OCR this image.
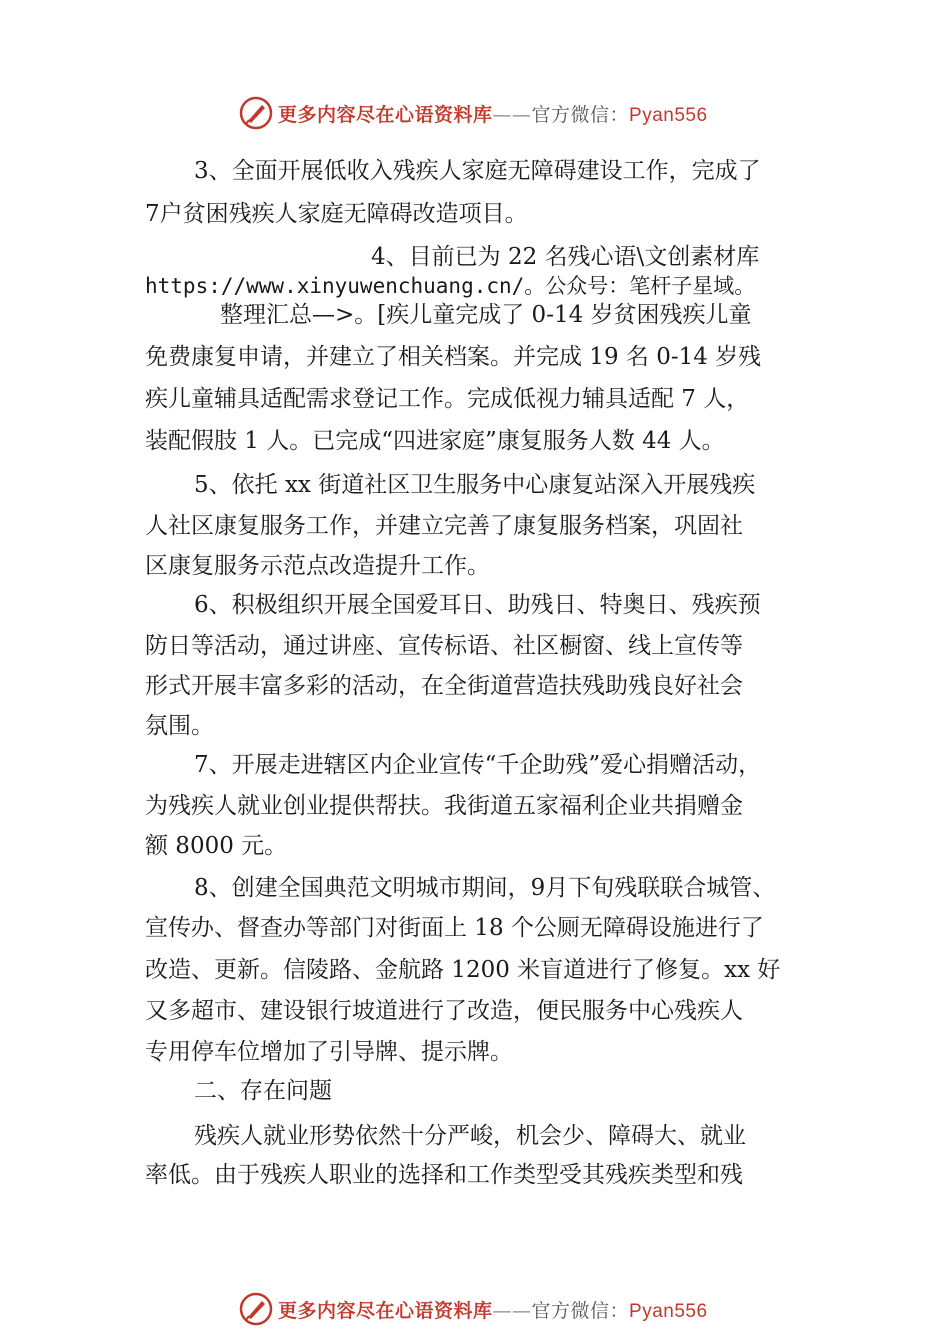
更多内容尽在心语资料库——官方微信：Pyan556
3、全面开展低收入残疾人家庭无障碍建设工作，完成了
7户贫困残疾人家庭无障碍改造项目。
4、目前已为 22 名残心语\文创素材库
https://www.xinyuwenchuang.cn/。公众号：笔杆子星域。
整理汇总—>。[疾儿童完成了 0-14 岁贫困残疾儿童
免费康复申请，并建立了相关档案。并完成 19 名 0-14 岁残
疾儿童辅具适配需求登记工作。完成低视力辅具适配 7 人，
装配假肢 1 人。已完成“四进家庭”康复服务人数 44 人。
5、依托 xx 街道社区卫生服务中心康复站深入开展残疾
人社区康复服务工作，并建立完善了康复服务档案，巩固社
区康复服务示范点改造提升工作。
6、积极组织开展全国爱耳日、助残日、特奥日、残疾预
防日等活动，通过讲座、宣传标语、社区橱窗、线上宣传等
形式开展丰富多彩的活动，在全街道营造扶残助残良好社会
氛围。
7、开展走进辖区内企业宣传“千企助残”爱心捐赠活动，
为残疾人就业创业提供帮扶。我街道五家福利企业共捐赠金
额 8000 元。
8、创建全国典范文明城市期间，9月下旬残联联合城管、
宣传办、督查办等部门对街面上 18 个公厕无障碍设施进行了
改造、更新。信陵路、金航路 1200 米盲道进行了修复。xx 好
又多超市、建设银行坡道进行了改造，便民服务中心残疾人
专用停车位增加了引导牌、提示牌。
二、存在问题
残疾人就业形势依然十分严峻，机会少、障碍大、就业
率低。由于残疾人职业的选择和工作类型受其残疾类型和残
更多内容尽在心语资料库——官方微信：Pyan556
